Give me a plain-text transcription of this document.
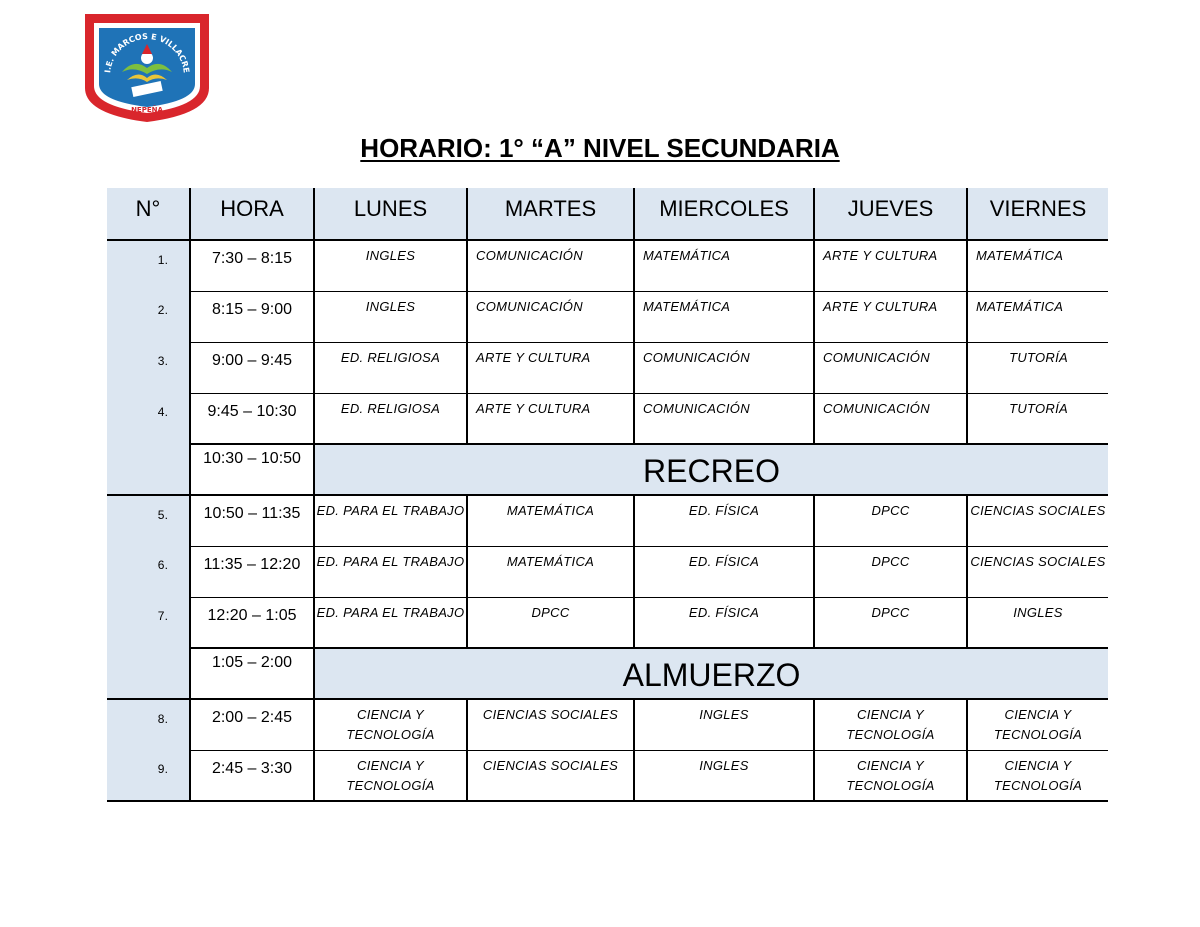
I.E. MARCOS E VILLACRE
NEPEÑA
HORARIO: 1° “A” NIVEL SECUNDARIA
N°	HORA	LUNES	MARTES	MIERCOLES	JUEVES	VIERNES
1.	7:30 – 8:15	INGLES	COMUNICACIÓN	MATEMÁTICA	ARTE Y CULTURA	MATEMÁTICA
2.	8:15 – 9:00	INGLES	COMUNICACIÓN	MATEMÁTICA	ARTE Y CULTURA	MATEMÁTICA
3.	9:00 – 9:45	ED. RELIGIOSA	ARTE Y CULTURA	COMUNICACIÓN	COMUNICACIÓN	TUTORÍA
4.	9:45 – 10:30	ED. RELIGIOSA	ARTE Y CULTURA	COMUNICACIÓN	COMUNICACIÓN	TUTORÍA
	10:30 – 10:50	RECREO				
5.	10:50 – 11:35	ED. PARA EL TRABAJO	MATEMÁTICA	ED. FÍSICA	DPCC	CIENCIAS SOCIALES
6.	11:35 – 12:20	ED. PARA EL TRABAJO	MATEMÁTICA	ED. FÍSICA	DPCC	CIENCIAS SOCIALES
7.	12:20 – 1:05	ED. PARA EL TRABAJO	DPCC	ED. FÍSICA	DPCC	INGLES
	1:05 – 2:00	ALMUERZO				
8.	2:00 – 2:45	CIENCIA Y TECNOLOGÍA	CIENCIAS SOCIALES	INGLES	CIENCIA Y TECNOLOGÍA	CIENCIA Y TECNOLOGÍA
9.	2:45 – 3:30	CIENCIA Y TECNOLOGÍA	CIENCIAS SOCIALES	INGLES	CIENCIA Y TECNOLOGÍA	CIENCIA Y TECNOLOGÍA
